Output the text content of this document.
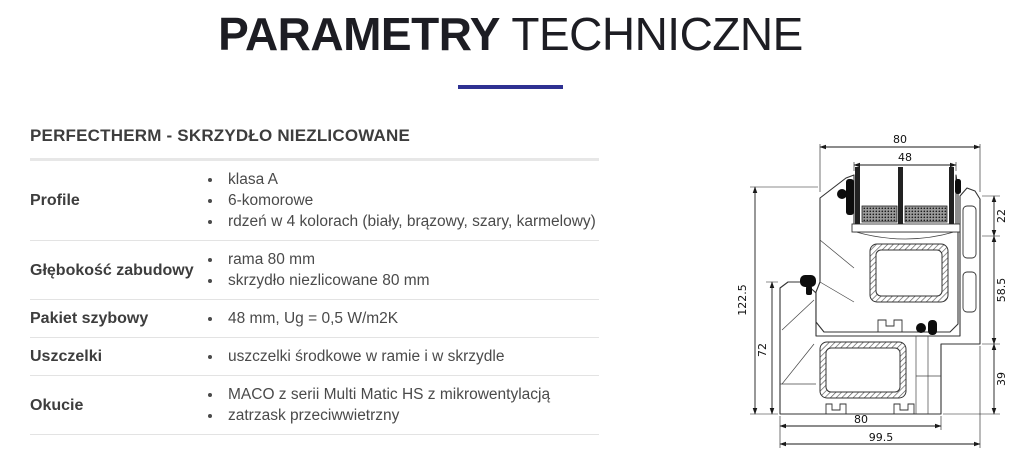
PARAMETRY TECHNICZNE
PERFECTHERM - SKRZYDŁO NIEZLICOWANE
Profile
• klasa A
• 6-komorowe
• rdzeń w 4 kolorach (biały, brązowy, szary, karmelowy)
Głębokość zabudowy
• rama 80 mm
• skrzydło niezlicowane 80 mm
Pakiet szybowy	• 48 mm, Ug = 0,5 W/m2K
Uszczelki	• uszczelki środkowe w ramie i w skrzydle
Okucie
• MACO z serii Multi Matic HS z mikrowentylacją
• zatrzask przeciwwietrzny
80
48
22
58.5
39
122.5
72
80
99.5
